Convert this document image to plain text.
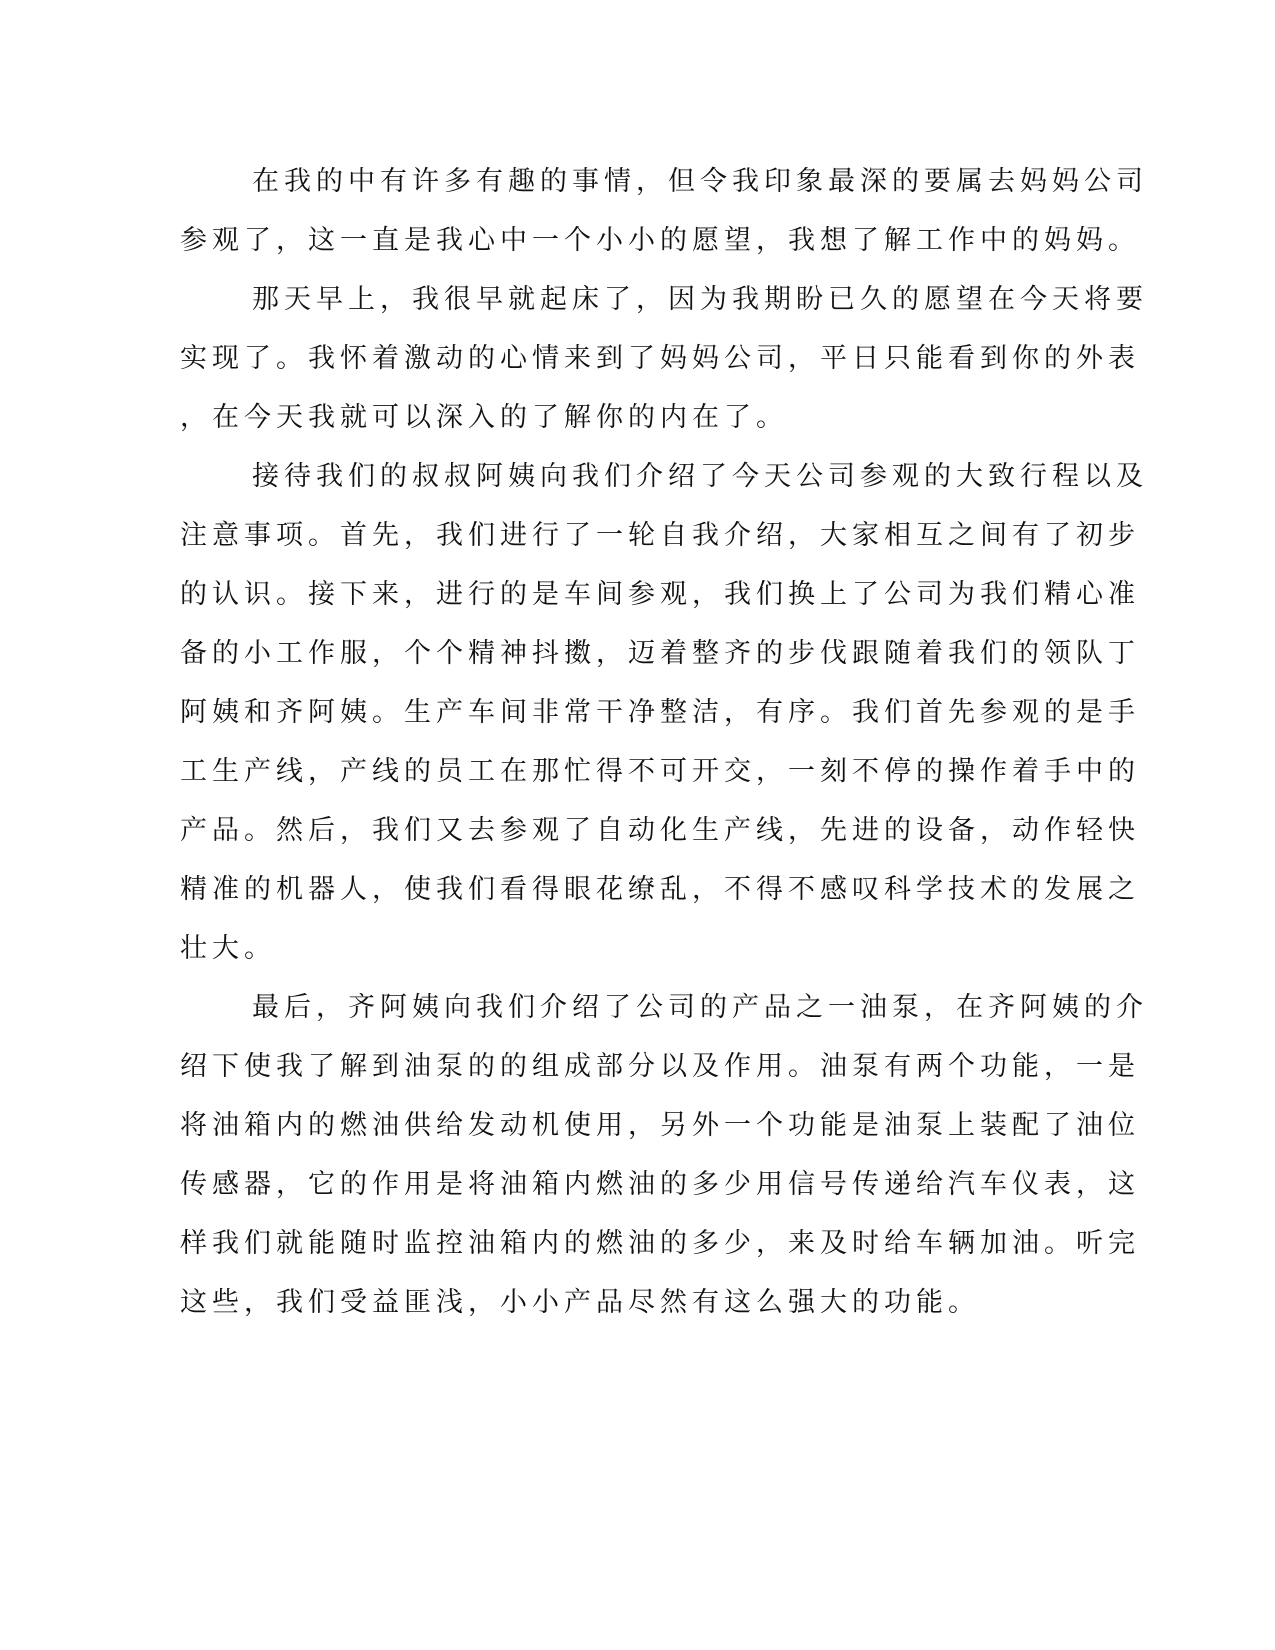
在我的中有许多有趣的事情，但令我印象最深的要属去妈妈公司
参观了，这一直是我心中一个小小的愿望，我想了解工作中的妈妈。
那天早上，我很早就起床了，因为我期盼已久的愿望在今天将要
实现了。我怀着激动的心情来到了妈妈公司，平日只能看到你的外表
，在今天我就可以深入的了解你的内在了。
接待我们的叔叔阿姨向我们介绍了今天公司参观的大致行程以及
注意事项。首先，我们进行了一轮自我介绍，大家相互之间有了初步
的认识。接下来，进行的是车间参观，我们换上了公司为我们精心准
备的小工作服，个个精神抖擞，迈着整齐的步伐跟随着我们的领队丁
阿姨和齐阿姨。生产车间非常干净整洁，有序。我们首先参观的是手
工生产线，产线的员工在那忙得不可开交，一刻不停的操作着手中的
产品。然后，我们又去参观了自动化生产线，先进的设备，动作轻快
精准的机器人，使我们看得眼花缭乱，不得不感叹科学技术的发展之
壮大。
最后，齐阿姨向我们介绍了公司的产品之一油泵，在齐阿姨的介
绍下使我了解到油泵的的组成部分以及作用。油泵有两个功能，一是
将油箱内的燃油供给发动机使用，另外一个功能是油泵上装配了油位
传感器，它的作用是将油箱内燃油的多少用信号传递给汽车仪表，这
样我们就能随时监控油箱内的燃油的多少，来及时给车辆加油。听完
这些，我们受益匪浅，小小产品尽然有这么强大的功能。
